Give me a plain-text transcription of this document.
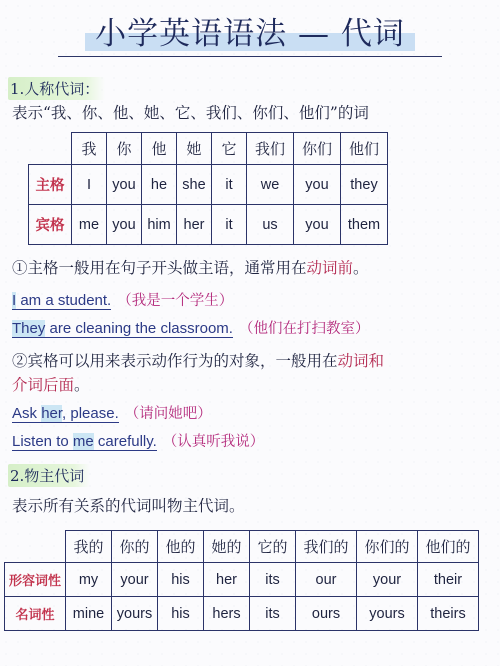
小学英语语法 — 代词
1.人称代词：
表示“我、你、他、她、它、我们、你们、他们”的词
	我	你	他	她	它	我们	你们	他们
主格	I	you	he	she	it	we	you	they
宾格	me	you	him	her	it	us	you	them
①主格一般用在句子开头做主语，通常用在动词前。
I am a student. （我是一个学生）
They are cleaning the classroom. （他们在打扫教室）
②宾格可以用来表示动作行为的对象，一般用在动词和
介词后面。
Ask her, please. （请问她吧）
Listen to me carefully. （认真听我说）
2.物主代词
表示所有关系的代词叫物主代词。
	我的	你的	他的	她的	它的	我们的	你们的	他们的
形容词性	my	your	his	her	its	our	your	their
名词性	mine	yours	his	hers	its	ours	yours	theirs
